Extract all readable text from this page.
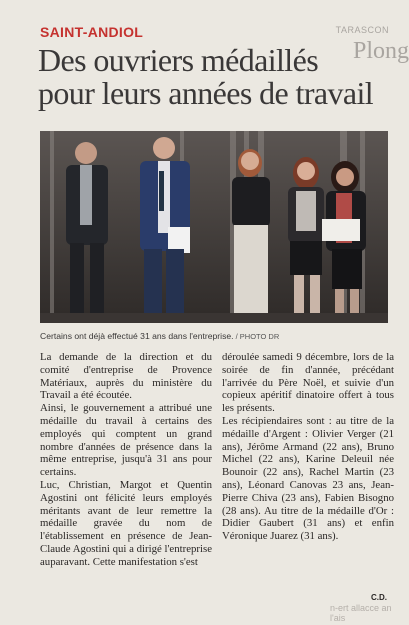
TARASCON
Plong
n-ert allacce an l'ais
SAINT-ANDIOL
Des ouvriers médaillés
pour leurs années de travail
Certains ont déjà effectué 31 ans dans l'entreprise. / PHOTO DR

La demande de la direction et du comité d'entreprise de Provence Matériaux, auprès du ministère du Travail a été écoutée.

Ainsi, le gouvernement a attribué une médaille du travail à certains des employés qui comptent un grand nombre d'années de présence dans la même entreprise, jusqu'à 31 ans pour certains.

Luc, Christian, Margot et Quentin Agostini ont félicité leurs employés méritants avant de leur remettre la médaille gravée du nom de l'établissement en présence de Jean-Claude Agostini qui a dirigé l'entreprise auparavant. Cette manifestation s'est

déroulée samedi 9 décembre, lors de la soirée de fin d'année, précédant l'arrivée du Père Noël, et suivie d'un copieux apéritif dinatoire offert à tous les présents.

Les récipiendaires sont : au titre de la médaille d'Argent : Olivier Verger (21 ans), Jérôme Armand (22 ans), Bruno Michel (22 ans), Karine Deleuil née Bounoir (22 ans), Rachel Martin (23 ans), Léonard Canovas 23 ans, Jean-Pierre Chiva (23 ans), Fabien Bisogno (28 ans). Au titre de la médaille d'Or : Didier Gaubert (31 ans) et enfin Véronique Juarez (31 ans).

C.D.
